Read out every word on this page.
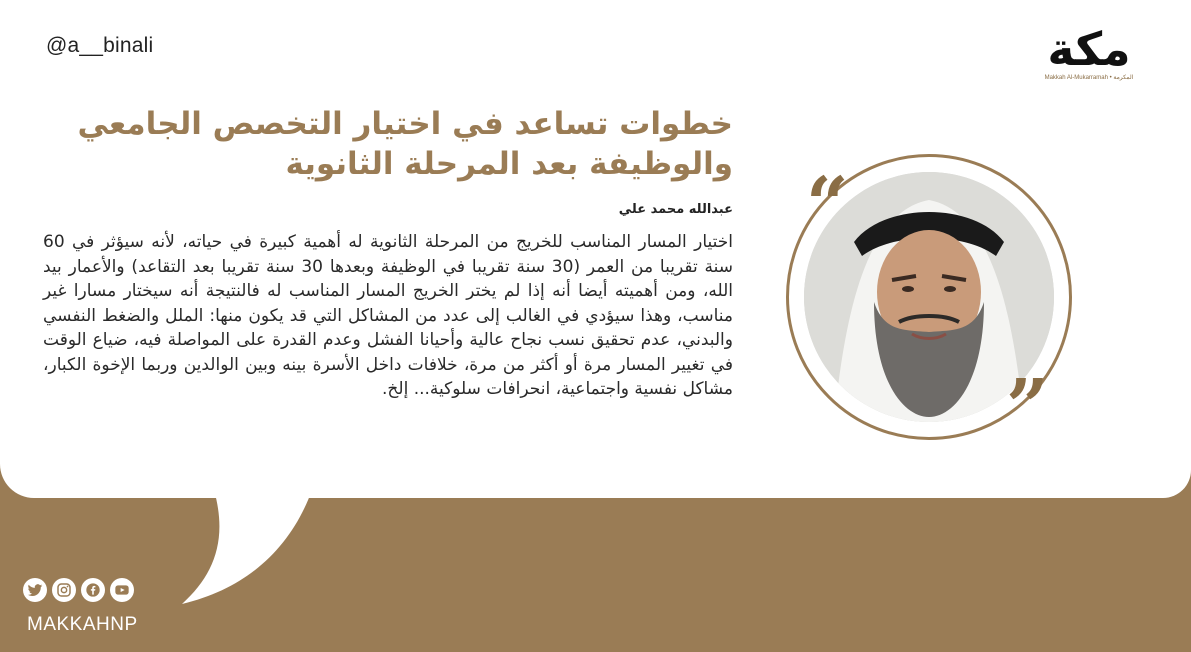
@a__binali	مكة
Makkah Al-Mukarramah • المكرمة
خطوات تساعد في اختيار التخصص الجامعي والوظيفة بعد المرحلة الثانوية
عبدالله محمد علي
اختيار المسار المناسب للخريج من المرحلة الثانوية له أهمية كبيرة في حياته، لأنه سيؤثر في 60 سنة تقريبا من العمر (30 سنة تقريبا في الوظيفة وبعدها 30 سنة تقريبا بعد التقاعد) والأعمار بيد الله، ومن أهميته أيضا أنه إذا لم يختر الخريج المسار المناسب له فالنتيجة أنه سيختار مسارا غير مناسب، وهذا سيؤدي في الغالب إلى عدد من المشاكل التي قد يكون منها: الملل والضغط النفسي والبدني، عدم تحقيق نسب نجاح عالية وأحيانا الفشل وعدم القدرة على المواصلة فيه، ضياع الوقت في تغيير المسار مرة أو أكثر من مرة، خلافات داخل الأسرة بينه وبين الوالدين وربما الإخوة الكبار، مشاكل نفسية واجتماعية، انحرافات سلوكية... إلخ.
“
”
MAKKAHNP
